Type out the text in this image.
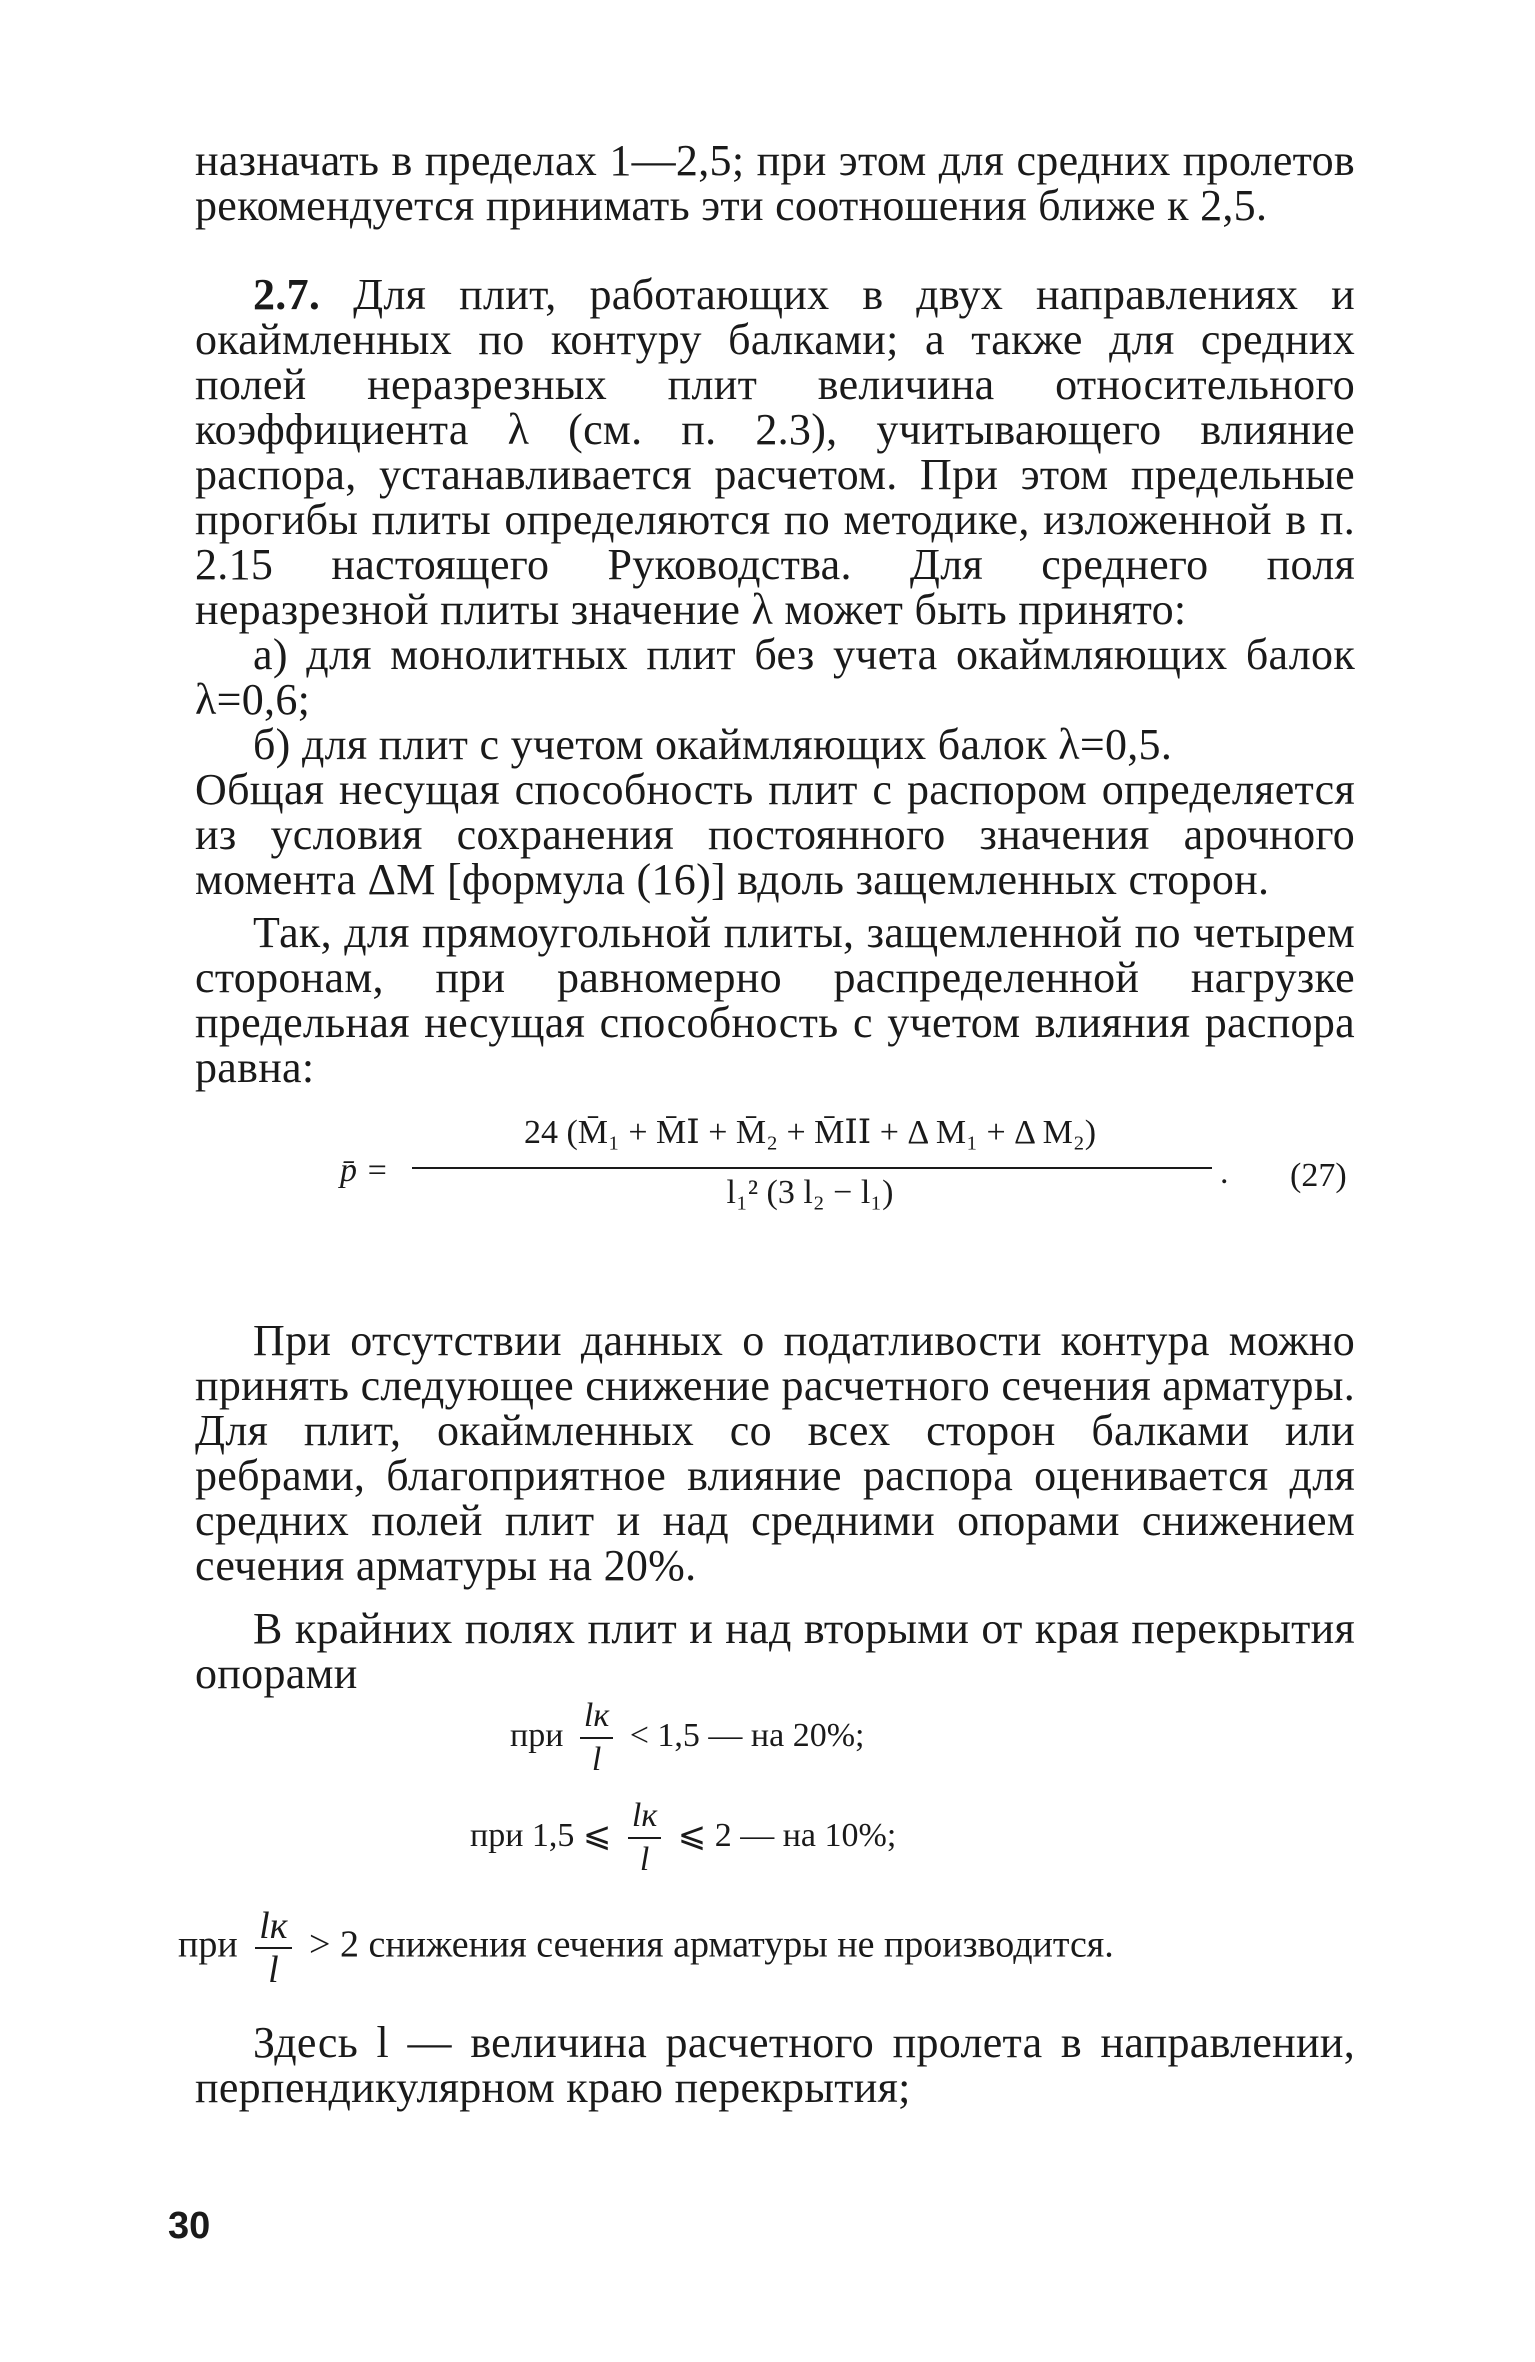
назначать в пределах 1—2,5; при этом для средних пролетов рекомендуется принимать эти соотношения ближе к 2,5.

2.7. Для плит, работающих в двух направлениях и окаймленных по контуру балками; а также для средних полей неразрезных плит величина относительного коэффициента λ (см. п. 2.3), учитывающего влияние распора, устанавливается расчетом. При этом предельные прогибы плиты определяются по методике, изложенной в п. 2.15 настоящего Руководства. Для среднего поля неразрезной плиты значение λ может быть принято:

а) для монолитных плит без учета окаймляющих балок λ=0,6;

б) для плит с учетом окаймляющих балок λ=0,5.

Общая несущая способность плит с распором определяется из условия сохранения постоянного значения арочного момента ΔM [формула (16)] вдоль защемленных сторон.

Так, для прямоугольной плиты, защемленной по четырем сторонам, при равномерно распределенной нагрузке предельная несущая способность с учетом влияния распора равна:

p̄ =
24 (M̄₁ + M̄Ⅰ + M̄₂ + M̄ⅠⅠ + Δ M₁ + Δ M₂)
l₁² (3 l₂ − l₁)
. (27)

При отсутствии данных о податливости контура можно принять следующее снижение расчетного сечения арматуры. Для плит, окаймленных со всех сторон балками или ребрами, благоприятное влияние распора оценивается для средних полей плит и над средними опорами снижением сечения арматуры на 20%.

В крайних полях плит и над вторыми от края перекрытия опорами

при
lк
l
< 1,5 — на 20%;
при 1,5 ⩽
lк
l
⩽ 2 — на 10%;
при lк
l
> 2 снижения сечения арматуры не производится.

Здесь l — величина расчетного пролета в направлении, перпендикулярном краю перекрытия;

30
